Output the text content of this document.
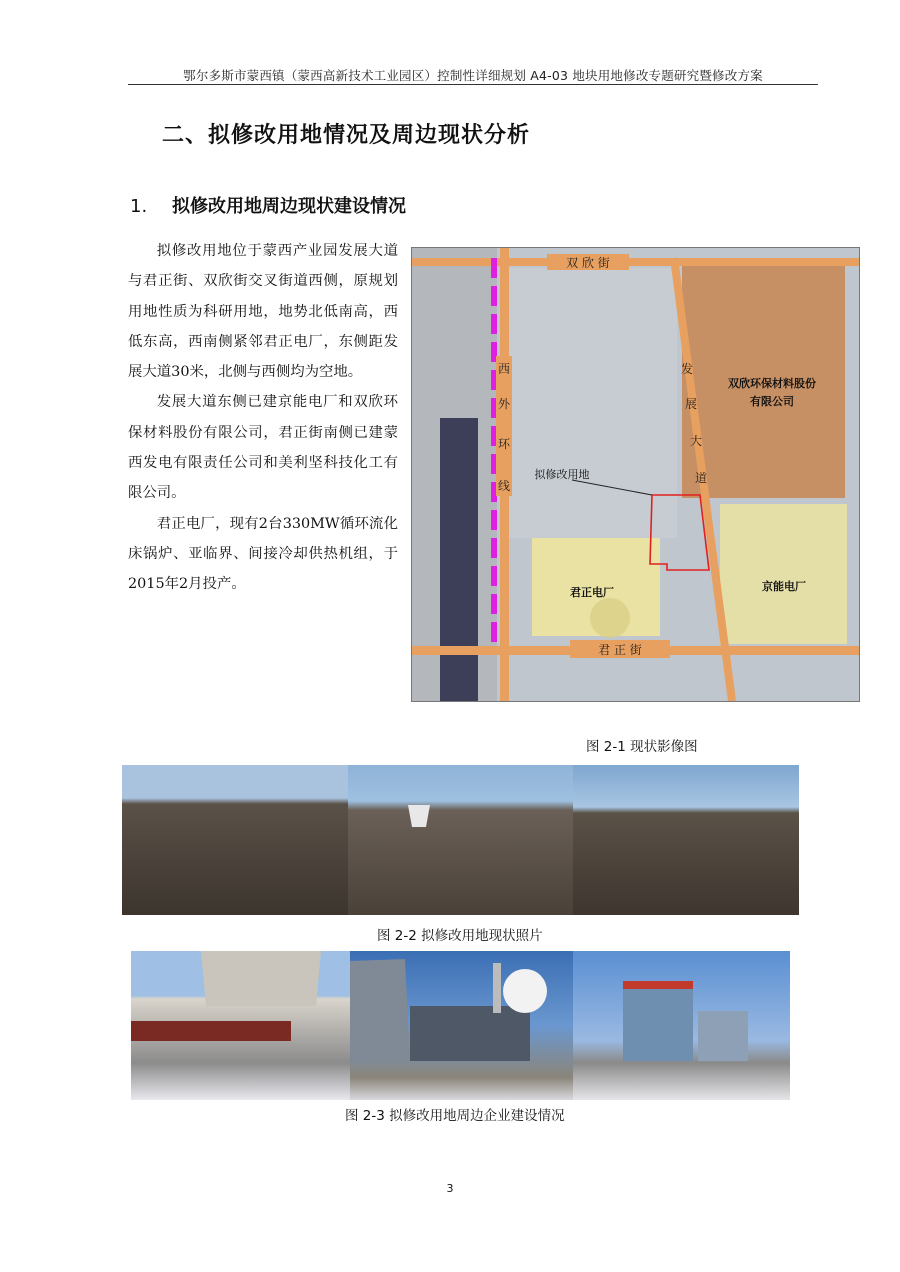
鄂尔多斯市蒙西镇（蒙西高新技术工业园区）控制性详细规划 A4-03 地块用地修改专题研究暨修改方案
二、拟修改用地情况及周边现状分析
1. 拟修改用地周边现状建设情况

拟修改用地位于蒙西产业园发展大道与君正街、双欣街交叉街道西侧，原规划用地性质为科研用地，地势北低南高，西低东高，西南侧紧邻君正电厂，东侧距发展大道30米，北侧与西侧均为空地。

发展大道东侧已建京能电厂和双欣环保材料股份有限公司，君正街南侧已建蒙西发电有限责任公司和美利坚科技化工有限公司。

君正电厂，现有2台330MW循环流化床锅炉、亚临界、间接冷却供热机组，于2015年2月投产。

双 欣 街
君 正 街
西
外
环
线
发
展
大
道
拟修改用地
双欣环保材料股份
有限公司
君正电厂	京能电厂
图 2-1 现状影像图
图 2-2 拟修改用地现状照片
图 2-3 拟修改用地周边企业建设情况
3
